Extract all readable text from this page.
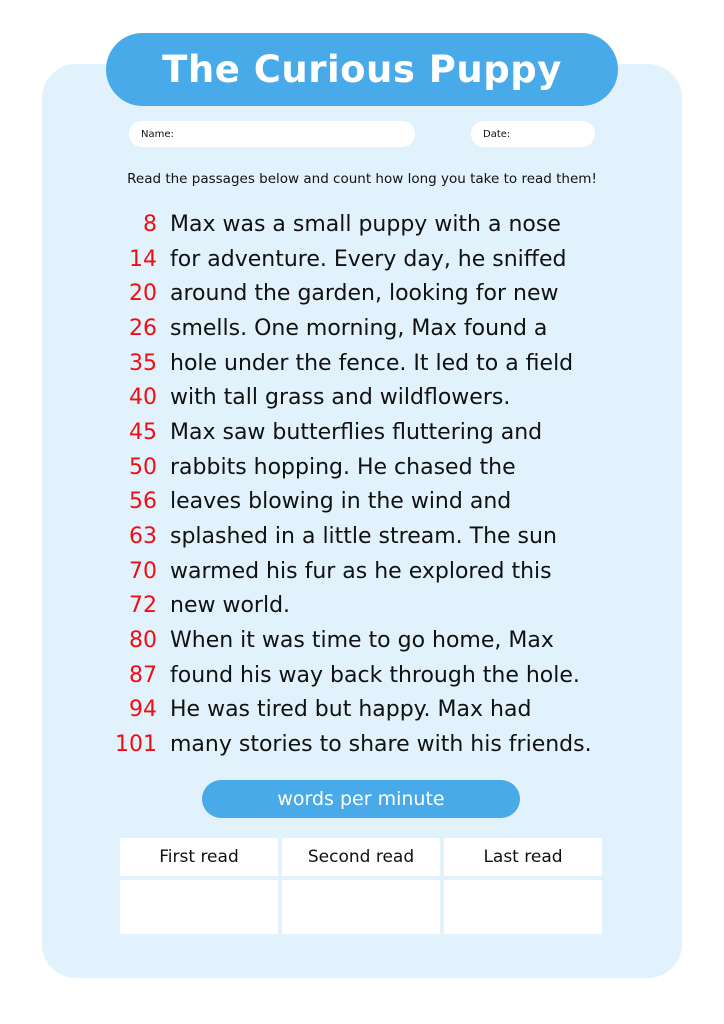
The Curious Puppy
Name:	Date:
Read the passages below and count how long you take to read them!
8 Max was a small puppy with a nose
14 for adventure. Every day, he sniffed
20 around the garden, looking for new
26 smells. One morning, Max found a
35 hole under the fence. It led to a field
40 with tall grass and wildflowers.
45 Max saw butterflies fluttering and
50 rabbits hopping. He chased the
56 leaves blowing in the wind and
63 splashed in a little stream. The sun
70 warmed his fur as he explored this
72 new world.
80 When it was time to go home, Max
87 found his way back through the hole.
94 He was tired but happy. Max had
101 many stories to share with his friends.
words per minute
First read	Second read	Last read
